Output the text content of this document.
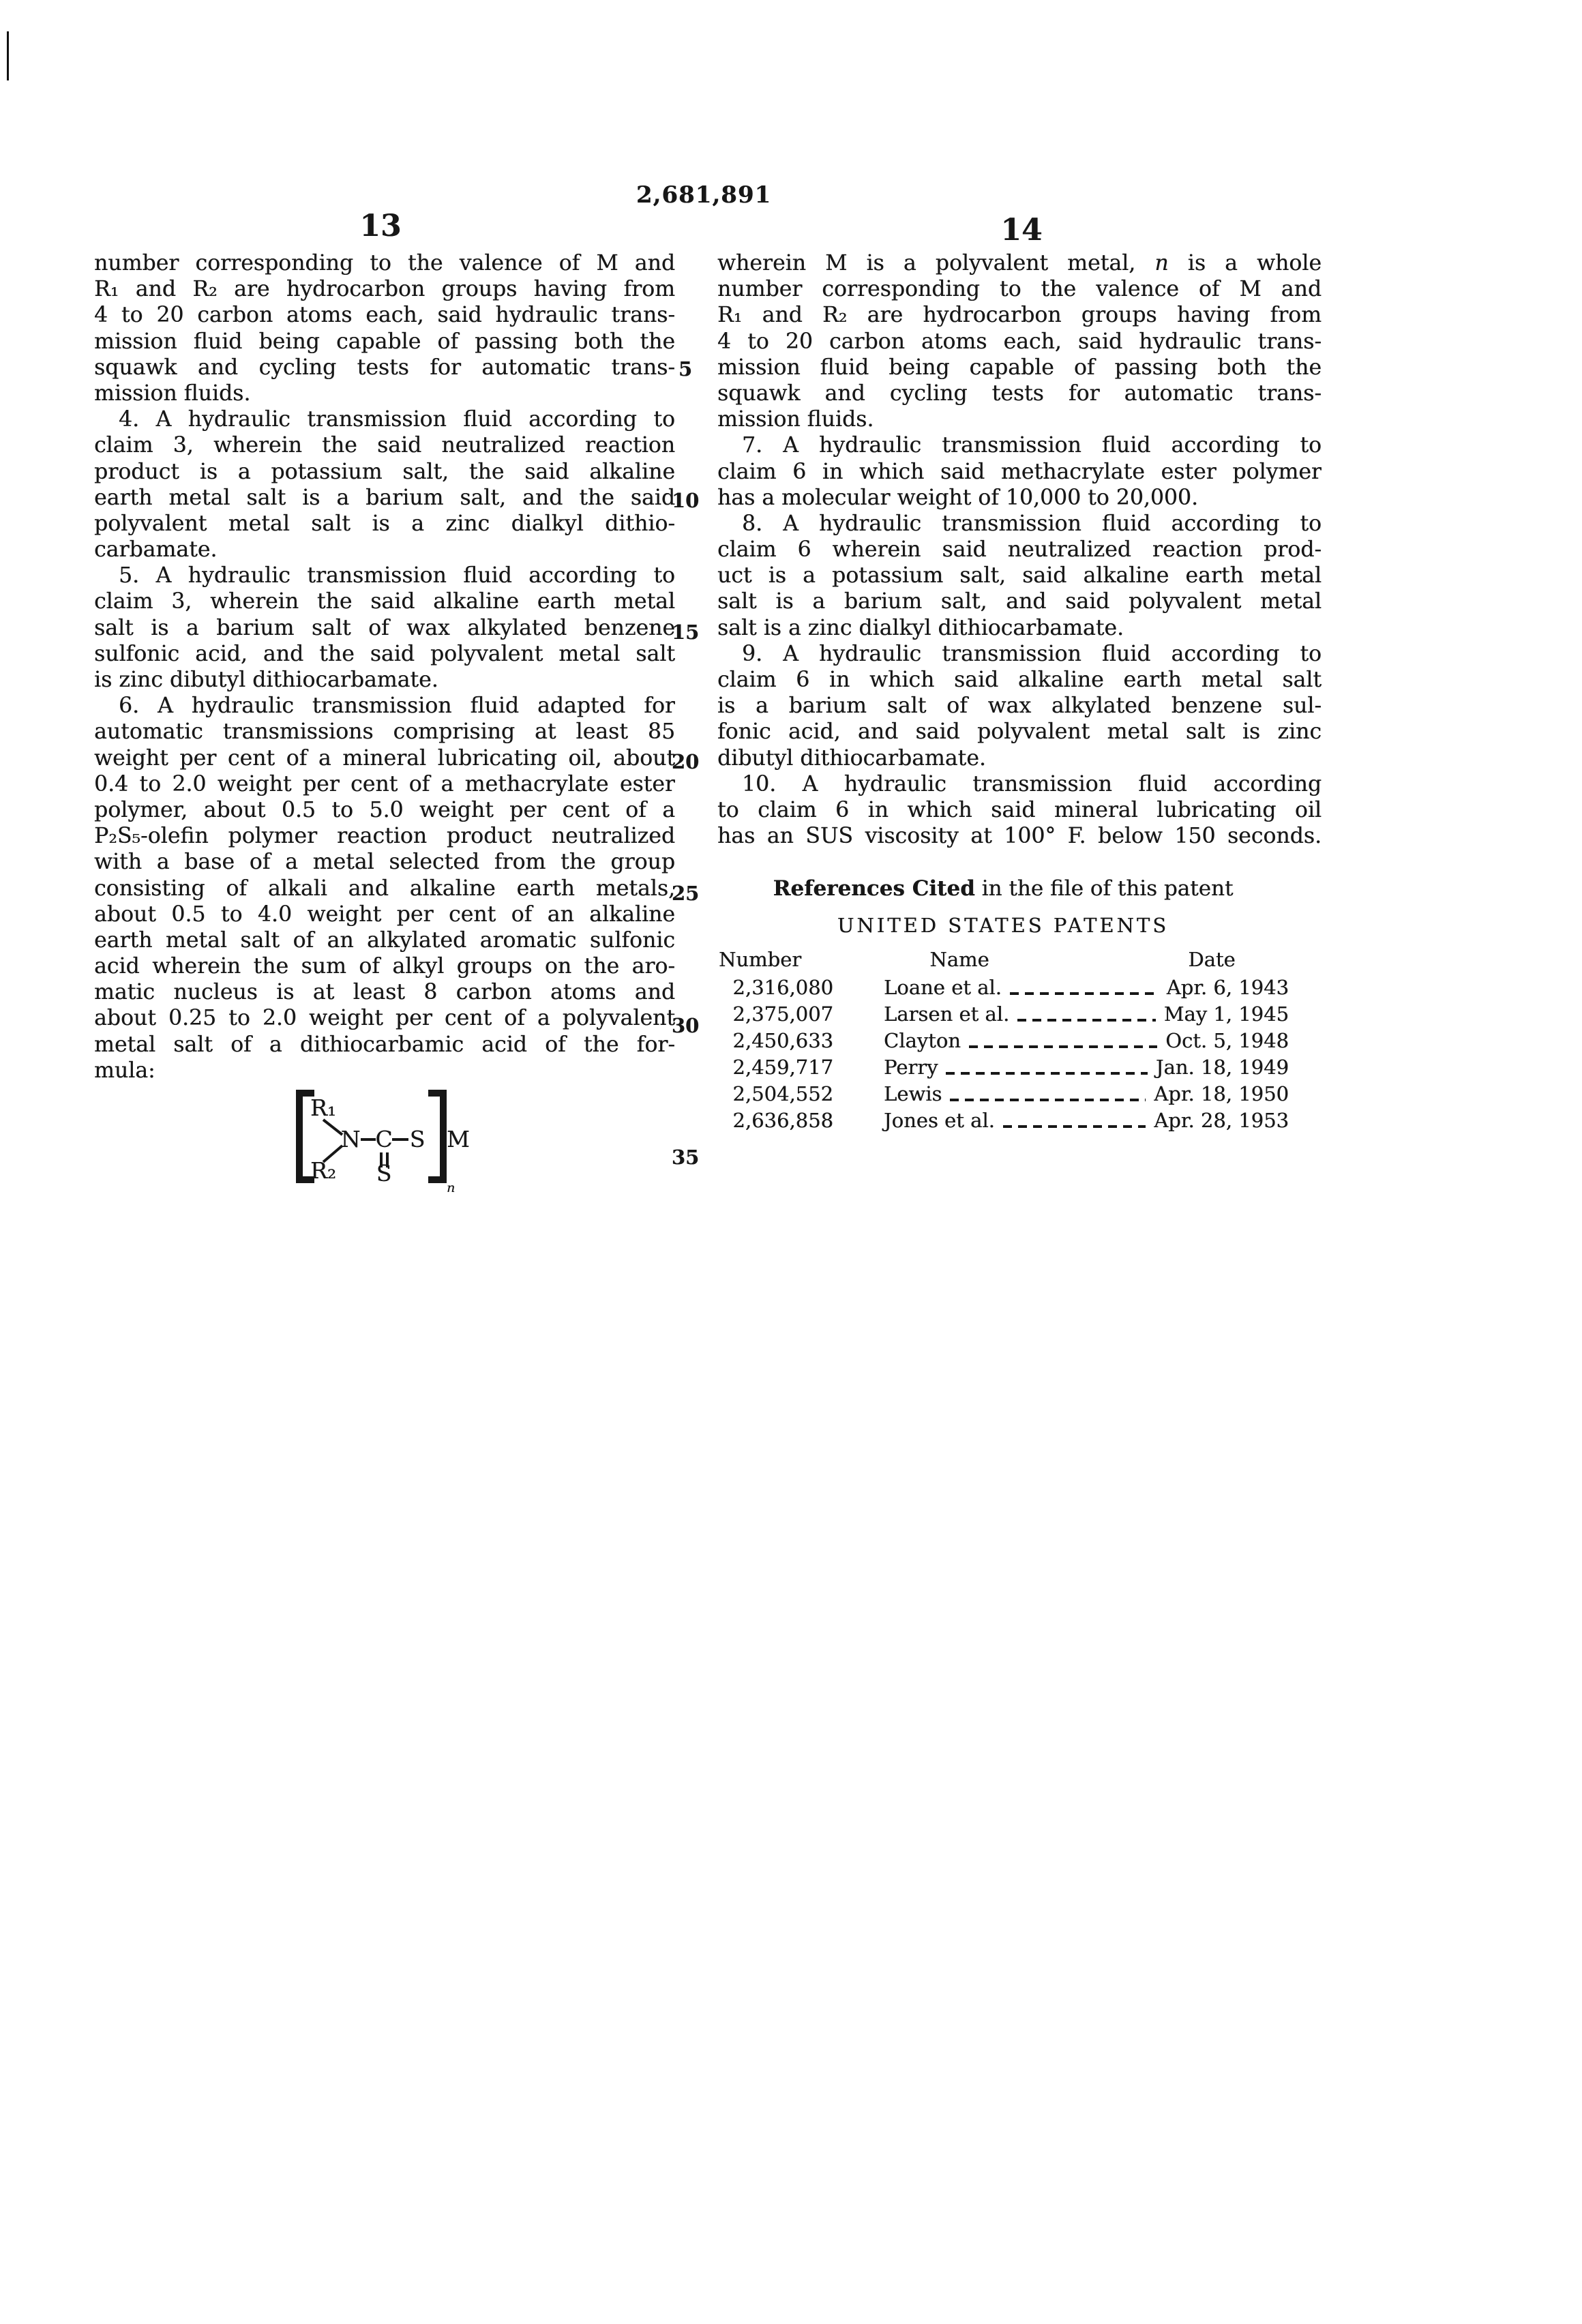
2,681,891
13	14
5
10
15
20
25
30
35
number corresponding to the valence of M and
R₁ and R₂ are hydrocarbon groups having from
4 to 20 carbon atoms each, said hydraulic trans-
mission fluid being capable of passing both the
squawk and cycling tests for automatic trans-
mission fluids.
4. A hydraulic transmission fluid according to
claim 3, wherein the said neutralized reaction
product is a potassium salt, the said alkaline
earth metal salt is a barium salt, and the said
polyvalent metal salt is a zinc dialkyl dithio-
carbamate.
5. A hydraulic transmission fluid according to
claim 3, wherein the said alkaline earth metal
salt is a barium salt of wax alkylated benzene
sulfonic acid, and the said polyvalent metal salt
is zinc dibutyl dithiocarbamate.
6. A hydraulic transmission fluid adapted for
automatic transmissions comprising at least 85
weight per cent of a mineral lubricating oil, about
0.4 to 2.0 weight per cent of a methacrylate ester
polymer, about 0.5 to 5.0 weight per cent of a
P₂S₅-olefin polymer reaction product neutralized
with a base of a metal selected from the group
consisting of alkali and alkaline earth metals,
about 0.5 to 4.0 weight per cent of an alkaline
earth metal salt of an alkylated aromatic sulfonic
acid wherein the sum of alkyl groups on the aro-
matic nucleus is at least 8 carbon atoms and
about 0.25 to 2.0 weight per cent of a polyvalent
metal salt of a dithiocarbamic acid of the for-
mula:
wherein M is a polyvalent metal, n is a whole
number corresponding to the valence of M and
R₁ and R₂ are hydrocarbon groups having from
4 to 20 carbon atoms each, said hydraulic trans-
mission fluid being capable of passing both the
squawk and cycling tests for automatic trans-
mission fluids.
7. A hydraulic transmission fluid according to
claim 6 in which said methacrylate ester polymer
has a molecular weight of 10,000 to 20,000.
8. A hydraulic transmission fluid according to
claim 6 wherein said neutralized reaction prod-
uct is a potassium salt, said alkaline earth metal
salt is a barium salt, and said polyvalent metal
salt is a zinc dialkyl dithiocarbamate.
9. A hydraulic transmission fluid according to
claim 6 in which said alkaline earth metal salt
is a barium salt of wax alkylated benzene sul-
fonic acid, and said polyvalent metal salt is zinc
dibutyl dithiocarbamate.
10. A hydraulic transmission fluid according
to claim 6 in which said mineral lubricating oil
has an SUS viscosity at 100° F. below 150 seconds.
R₁
R₂
N C S
S
M
n
References Cited in the file of this patent
UNITED STATES PATENTS
Number	Name	Date
2,316,080	Loane et al.	Apr. 6, 1943
2,375,007	Larsen et al.	May 1, 1945
2,450,633	Clayton	Oct. 5, 1948
2,459,717	Perry	Jan. 18, 1949
2,504,552	Lewis	Apr. 18, 1950
2,636,858	Jones et al.	Apr. 28, 1953
